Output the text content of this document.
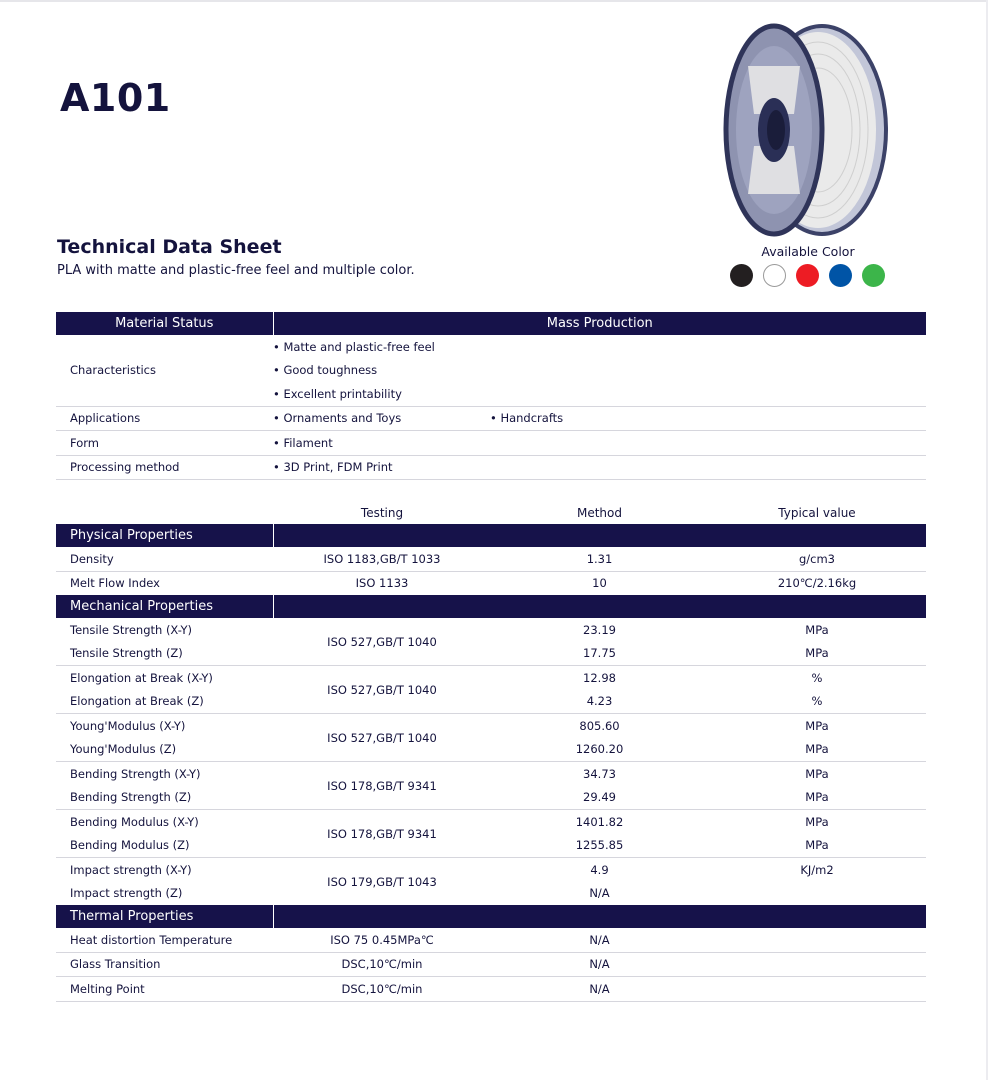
A101
Available Color
Technical Data Sheet

PLA with matte and plastic-free feel and multiple color.

Material Status	Mass Production
Characteristics	• Matte and plastic-free feel
	• Good toughness
	• Excellent printability
Applications	• Ornaments and Toys • Handcrafts

Form	• Filament
Processing method	• 3D Print, FDM Print
	Testing	Method	Typical value
Physical Properties			
Density	ISO 1183,GB/T 1033	1.31	g/cm3
Melt Flow Index	ISO 1133	10	210℃/2.16kg
Mechanical Properties			
Tensile Strength (X-Y)	ISO 527,GB/T 1040	23.19	MPa
Tensile Strength (Z)		17.75	MPa
Elongation at Break (X-Y)	ISO 527,GB/T 1040	12.98	%
Elongation at Break (Z)		4.23	%
Young'Modulus (X-Y)	ISO 527,GB/T 1040	805.60	MPa
Young'Modulus (Z)		1260.20	MPa
Bending Strength (X-Y)	ISO 178,GB/T 9341	34.73	MPa
Bending Strength (Z)		29.49	MPa
Bending Modulus (X-Y)	ISO 178,GB/T 9341	1401.82	MPa
Bending Modulus (Z)		1255.85	MPa
Impact strength (X-Y)	ISO 179,GB/T 1043	4.9	KJ/m2
Impact strength (Z)		N/A	
Thermal Properties			
Heat distortion Temperature	ISO 75 0.45MPa℃	N/A	
Glass Transition	DSC,10℃/min	N/A	
Melting Point	DSC,10℃/min	N/A	
